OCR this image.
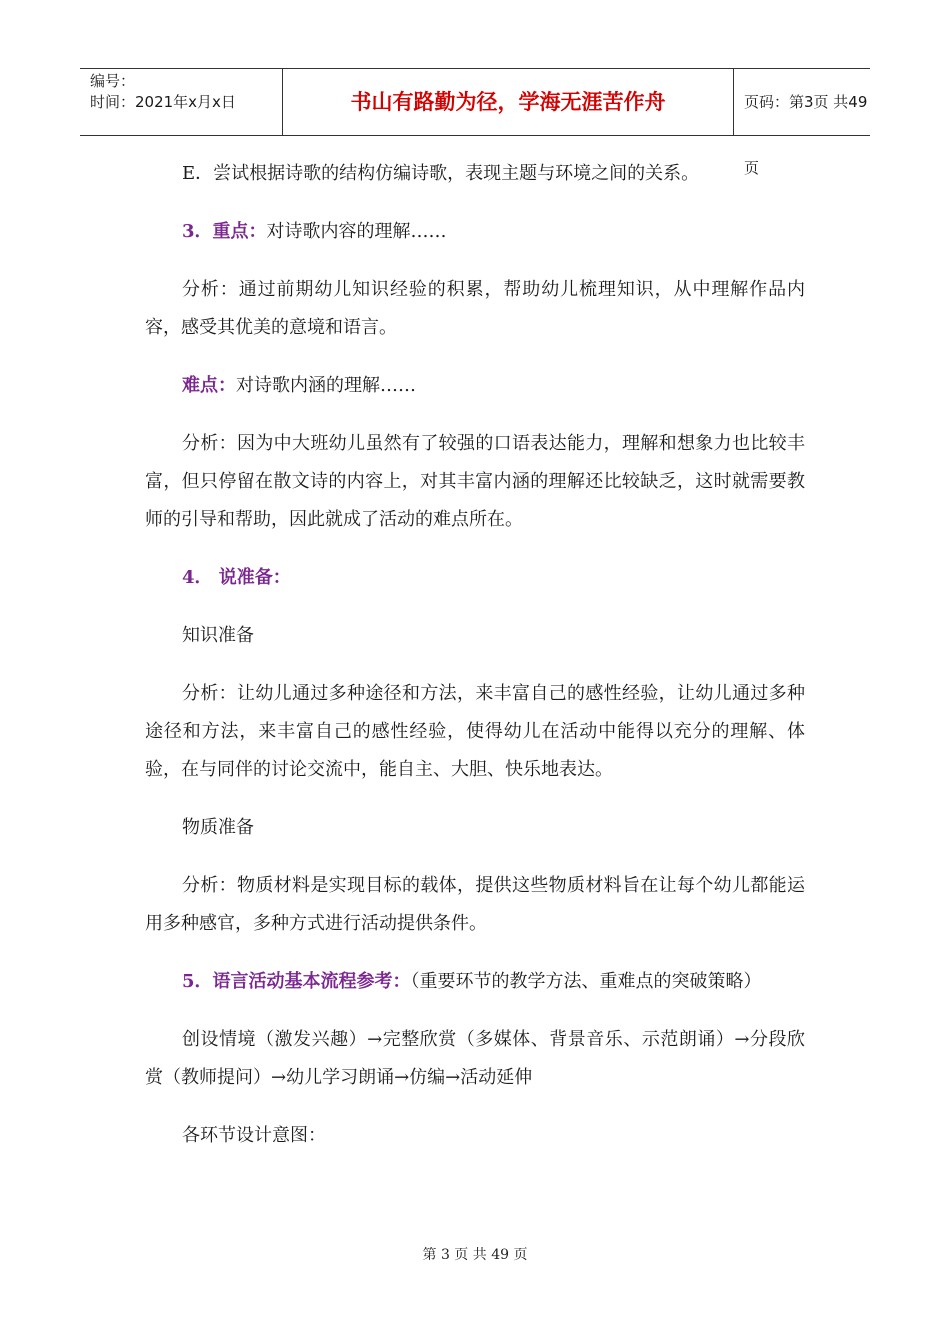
编号：
时间：2021年x月x日	书山有路勤为径，学海无涯苦作舟	页码：第3页 共49页

E．尝试根据诗歌的结构仿编诗歌，表现主题与环境之间的关系。

3．重点：对诗歌内容的理解……

分析：通过前期幼儿知识经验的积累，帮助幼儿梳理知识，从中理解作品内容，感受其优美的意境和语言。

难点：对诗歌内涵的理解……

分析：因为中大班幼儿虽然有了较强的口语表达能力，理解和想象力也比较丰富，但只停留在散文诗的内容上，对其丰富内涵的理解还比较缺乏，这时就需要教师的引导和帮助，因此就成了活动的难点所在。

4． 说准备：

知识准备

分析：让幼儿通过多种途径和方法，来丰富自己的感性经验，让幼儿通过多种途径和方法，来丰富自己的感性经验，使得幼儿在活动中能得以充分的理解、体验，在与同伴的讨论交流中，能自主、大胆、快乐地表达。

物质准备

分析：物质材料是实现目标的载体，提供这些物质材料旨在让每个幼儿都能运用多种感官，多种方式进行活动提供条件。

5．语言活动基本流程参考：（重要环节的教学方法、重难点的突破策略）

创设情境（激发兴趣）→完整欣赏（多媒体、背景音乐、示范朗诵）→分段欣赏（教师提问）→幼儿学习朗诵→仿编→活动延伸

各环节设计意图：

第 3 页 共 49 页
